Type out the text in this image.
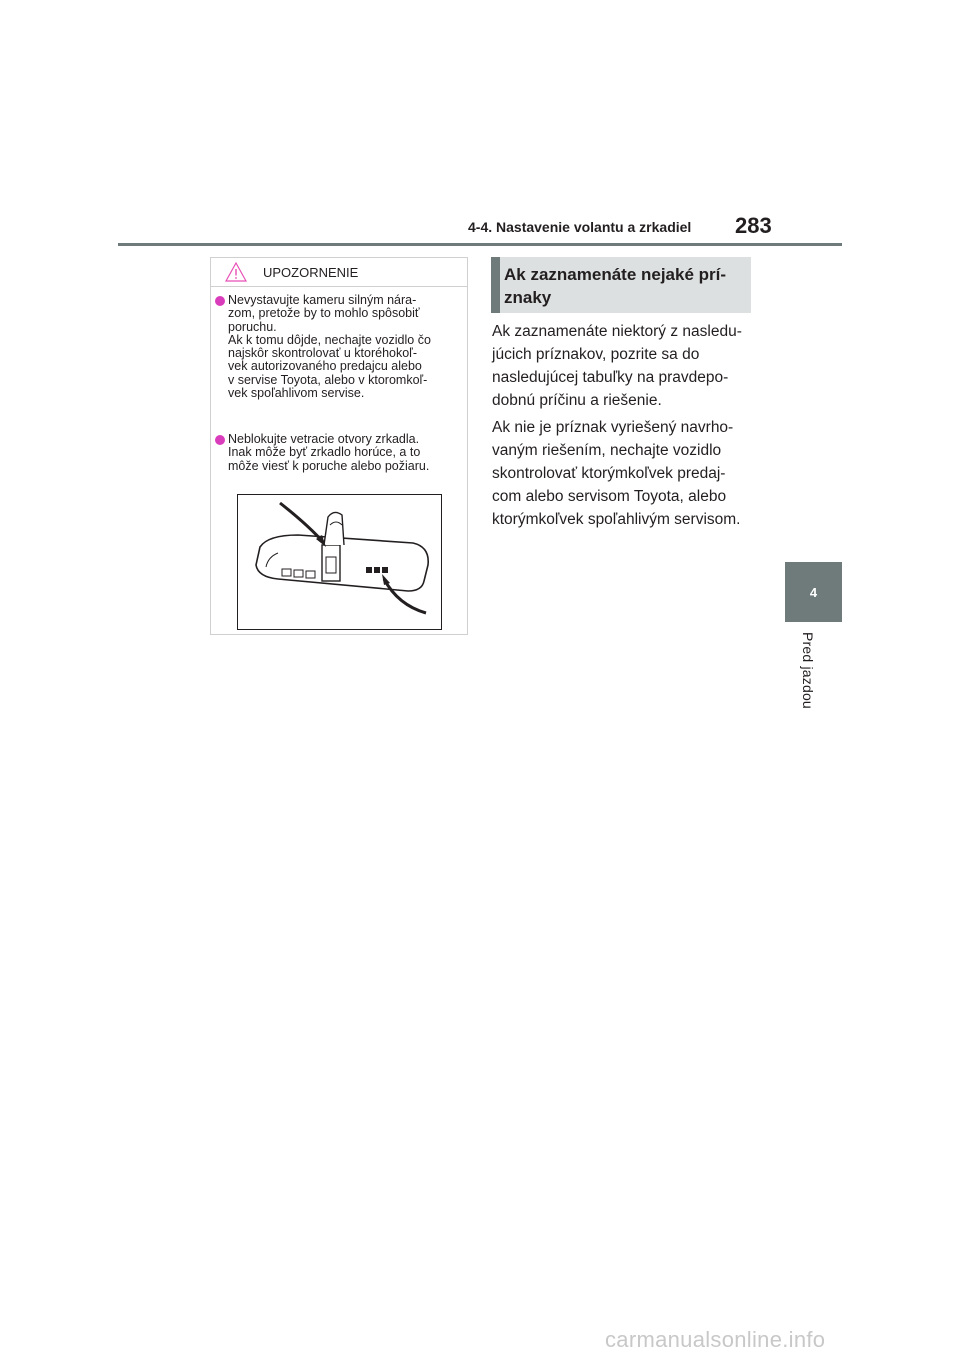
4-4. Nastavenie volantu a zrkadiel 283
4
Pred jazdou
UPOZORNENIE
Nevystavujte kameru silným nára-
zom, pretože by to mohlo spôsobiť
poruchu.
Ak k tomu dôjde, nechajte vozidlo čo
najskôr skontrolovať u ktoréhokoľ-
vek autorizovaného predajcu alebo
v servise Toyota, alebo v ktoromkoľ-
vek spoľahlivom servise.
Neblokujte vetracie otvory zrkadla.
Inak môže byť zrkadlo horúce, a to
môže viesť k poruche alebo požiaru.
Ak zaznamenáte nejaké prí-
znaky
Ak zaznamenáte niektorý z nasledu-
júcich príznakov, pozrite sa do
nasledujúcej tabuľky na pravdepo-
dobnú príčinu a riešenie.
Ak nie je príznak vyriešený navrho-
vaným riešením, nechajte vozidlo
skontrolovať ktorýmkoľvek predaj-
com alebo servisom Toyota, alebo
ktorýmkoľvek spoľahlivým servisom.
carmanualsonline.info
